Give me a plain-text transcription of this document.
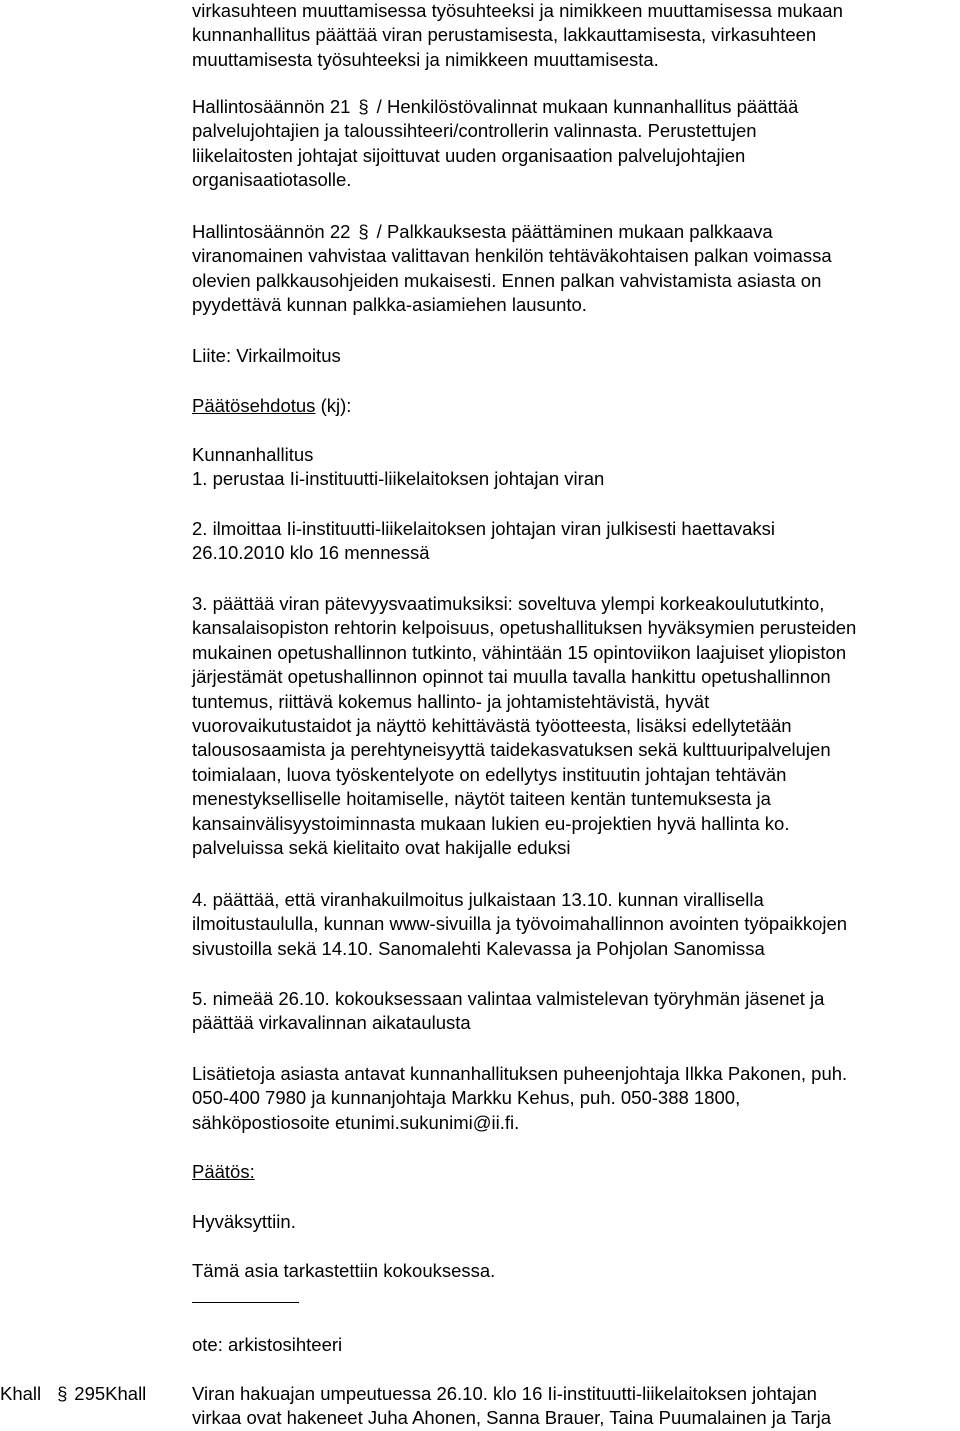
virkasuhteen muuttamisessa työsuhteeksi ja nimikkeen muuttamisessa mukaan
kunnanhallitus päättää viran perustamisesta, lakkauttamisesta, virkasuhteen
muuttamisesta työsuhteeksi ja nimikkeen muuttamisesta.
Hallintosäännön 21 § / Henkilöstövalinnat mukaan kunnanhallitus päättää
palvelujohtajien ja taloussihteeri/controllerin valinnasta. Perustettujen
liikelaitosten johtajat sijoittuvat uuden organisaation palvelujohtajien
organisaatiotasolle.
Hallintosäännön 22 § / Palkkauksesta päättäminen mukaan palkkaava
viranomainen vahvistaa valittavan henkilön tehtäväkohtaisen palkan voimassa
olevien palkkausohjeiden mukaisesti. Ennen palkan vahvistamista asiasta on
pyydettävä kunnan palkka-asiamiehen lausunto.
Liite: Virkailmoitus
Päätösehdotus (kj):
Kunnanhallitus
1. perustaa Ii-instituutti-liikelaitoksen johtajan viran
2. ilmoittaa Ii-instituutti-liikelaitoksen johtajan viran julkisesti haettavaksi
26.10.2010 klo 16 mennessä
3. päättää viran pätevyysvaatimuksiksi: soveltuva ylempi korkeakoulututkinto,
kansalaisopiston rehtorin kelpoisuus, opetushallituksen hyväksymien perusteiden
mukainen opetushallinnon tutkinto, vähintään 15 opintoviikon laajuiset yliopiston
järjestämät opetushallinnon opinnot tai muulla tavalla hankittu opetushallinnon
tuntemus, riittävä kokemus hallinto- ja johtamistehtävistä, hyvät
vuorovaikutustaidot ja näyttö kehittävästä työotteesta, lisäksi edellytetään
talousosaamista ja perehtyneisyyttä taidekasvatuksen sekä kulttuuripalvelujen
toimialaan, luova työskentelyote on edellytys instituutin johtajan tehtävän
menestykselliselle hoitamiselle, näytöt taiteen kentän tuntemuksesta ja
kansainvälisyystoiminnasta mukaan lukien eu-projektien hyvä hallinta ko.
palveluissa sekä kielitaito ovat hakijalle eduksi
4. päättää, että viranhakuilmoitus julkaistaan 13.10. kunnan virallisella
ilmoitustaululla, kunnan www-sivuilla ja työvoimahallinnon avointen työpaikkojen
sivustoilla sekä 14.10. Sanomalehti Kalevassa ja Pohjolan Sanomissa
5. nimeää 26.10. kokouksessaan valintaa valmistelevan työryhmän jäsenet ja
päättää virkavalinnan aikataulusta
Lisätietoja asiasta antavat kunnanhallituksen puheenjohtaja Ilkka Pakonen, puh.
050-400 7980 ja kunnanjohtaja Markku Kehus, puh. 050-388 1800,
sähköpostiosoite etunimi.sukunimi@ii.fi.
Päätös:
Hyväksyttiin.
Tämä asia tarkastettiin kokouksessa.
ote: arkistosihteeri
Khall § 295Khall Viran hakuajan umpeutuessa 26.10. klo 16 Ii-instituutti-liikelaitoksen johtajan
virkaa ovat hakeneet Juha Ahonen, Sanna Brauer, Taina Puumalainen ja Tarja
